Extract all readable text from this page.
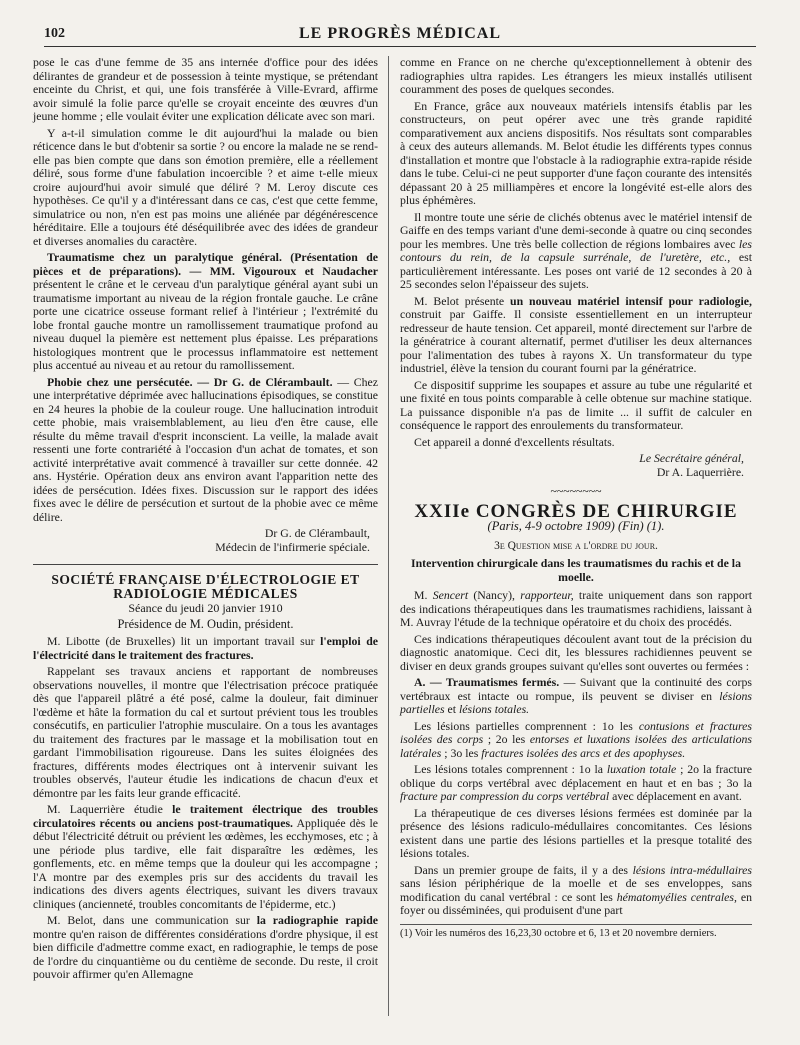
102	LE PROGRÈS MÉDICAL

pose le cas d'une femme de 35 ans internée d'office pour des idées délirantes de grandeur et de possession à teinte mystique, se prétendant enceinte du Christ, et qui, une fois transférée à Ville-Evrard, affirme avoir simulé la folie parce qu'elle se croyait enceinte des œuvres d'un jeune homme ; elle voulait éviter une explication délicate avec son mari.

Y a-t-il simulation comme le dit aujourd'hui la malade ou bien réticence dans le but d'obtenir sa sortie ? ou encore la malade ne se rend-elle pas bien compte que dans son émotion première, elle a réellement déliré, sous forme d'une fabulation incoercible ? et aime t-elle mieux croire aujourd'hui avoir simulé que déliré ? M. Leroy discute ces hypothèses. Ce qu'il y a d'intéressant dans ce cas, c'est que cette femme, simulatrice ou non, n'en est pas moins une aliénée par dégénérescence héréditaire. Elle a toujours été déséquilibrée avec des idées de grandeur et diverses anomalies du caractère.

Traumatisme chez un paralytique général. (Présentation de pièces et de préparations). — MM. Vigouroux et Naudacher présentent le crâne et le cerveau d'un paralytique général ayant subi un traumatisme important au niveau de la région frontale gauche. Le crâne porte une cicatrice osseuse formant relief à l'intérieur ; l'extrémité du lobe frontal gauche montre un ramollissement traumatique profond au niveau duquel la piemère est nettement plus épaisse. Les préparations histologiques montrent que le processus inflammatoire est nettement plus accentué au niveau et au retour du ramollissement.

Phobie chez une persécutée. — Dr G. de Clérambault. — Chez une interprétative déprimée avec hallucinations épisodiques, se constitue en 24 heures la phobie de la couleur rouge. Une hallucination introduit cette phobie, mais vraisemblablement, au lieu d'en être cause, elle résulte du même travail d'esprit inconscient. La veille, la malade avait ressenti une forte contrariété à l'occasion d'un achat de tomates, et son activité interprétative avait commencé à travailler sur cette donnée. 42 ans. Hystérie. Opération deux ans environ avant l'apparition nette des idées de persécution. Idées fixes. Discussion sur le rapport des idées fixes avec le délire de persécution et surtout de la phobie avec ce même délire.

Dr G. de Clérambault,
Médecin de l'infirmerie spéciale.
SOCIÉTÉ FRANÇAISE D'ÉLECTROLOGIE ET RADIOLOGIE MÉDICALES
Séance du jeudi 20 janvier 1910
Présidence de M. Oudin, président.

M. Libotte (de Bruxelles) lit un important travail sur l'emploi de l'électricité dans le traitement des fractures.

Rappelant ses travaux anciens et rapportant de nombreuses observations nouvelles, il montre que l'électrisation précoce pratiquée dès que l'appareil plâtré a été posé, calme la douleur, fait diminuer l'œdème et hâte la formation du cal et surtout prévient tous les troubles consécutifs, en particulier l'atrophie musculaire. On a tous les avantages du traitement des fractures par le massage et la mobilisation tout en gardant l'immobilisation rigoureuse. Dans les suites éloignées des fractures, différents modes électriques ont à intervenir suivant les troubles observés, l'auteur étudie les indications de chacun d'eux et démontre par les faits leur grande efficacité.

M. Laquerrière étudie le traitement électrique des troubles circulatoires récents ou anciens post-traumatiques. Appliquée dès le début l'électricité détruit ou prévient les œdèmes, les ecchymoses, etc ; à une période plus tardive, elle fait disparaître les œdèmes, les gonflements, etc. en même temps que la douleur qui les accompagne ; l'A montre par des exemples pris sur des accidents du travail les indications des divers agents électriques, suivant les divers travaux cliniques (ancienneté, troubles concomitants de l'épiderme, etc.)

M. Belot, dans une communication sur la radiographie rapide montre qu'en raison de différentes considérations d'ordre physique, il est bien difficile d'admettre comme exact, en radiographie, le temps de pose de l'ordre du cinquantième ou du centième de seconde. Du reste, il croit pouvoir affirmer qu'en Allemagne

comme en France on ne cherche qu'exceptionnellement à obtenir des radiographies ultra rapides. Les étrangers les mieux installés utilisent couramment des poses de quelques secondes.

En France, grâce aux nouveaux matériels intensifs établis par les constructeurs, on peut opérer avec une très grande rapidité comparativement aux anciens dispositifs. Nos résultats sont comparables à ceux des auteurs allemands. M. Belot étudie les différents types connus d'installation et montre que l'obstacle à la radiographie extra-rapide réside dans le tube. Celui-ci ne peut supporter d'une façon courante des intensités dépassant 20 à 25 milliampères et encore la longévité est-elle alors des plus éphémères.

Il montre toute une série de clichés obtenus avec le matériel intensif de Gaiffe en des temps variant d'une demi-seconde à quatre ou cinq secondes pour les membres. Une très belle collection de régions lombaires avec les contours du rein, de la capsule surrénale, de l'uretère, etc., est particulièrement intéressante. Les poses ont varié de 12 secondes à 20 à 25 secondes selon l'épaisseur des sujets.

M. Belot présente un nouveau matériel intensif pour radiologie, construit par Gaiffe. Il consiste essentiellement en un interrupteur redresseur de haute tension. Cet appareil, monté directement sur l'arbre de la génératrice à courant alternatif, permet d'utiliser les deux alternances pour l'alimentation des tubes à rayons X. Un transformateur du type industriel, élève la tension du courant fourni par la génératrice.

Ce dispositif supprime les soupapes et assure au tube une régularité et une fixité en tous points comparable à celle obtenue sur machine statique. La puissance disponible n'a pas de limite ... il suffit de calculer en conséquence le rapport des enroulements du transformateur.

Cet appareil a donné d'excellents résultats.

Le Secrétaire général,
Dr A. Laquerrière.
~~~~~~~~
XXIIe CONGRÈS DE CHIRURGIE
(Paris, 4-9 octobre 1909) (Fin) (1).
3e Question mise a l'ordre du jour.
Intervention chirurgicale dans les traumatismes du rachis et de la moelle.

M. Sencert (Nancy), rapporteur, traite uniquement dans son rapport des indications thérapeutiques dans les traumatismes rachidiens, laissant à M. Auvray l'étude de la technique opératoire et du choix des procédés.

Ces indications thérapeutiques découlent avant tout de la précision du diagnostic anatomique. Ceci dit, les blessures rachidiennes peuvent se diviser en deux grands groupes suivant qu'elles sont ouvertes ou fermées :

A. — Traumatismes fermés. — Suivant que la continuité des corps vertébraux est intacte ou rompue, ils peuvent se diviser en lésions partielles et lésions totales.

Les lésions partielles comprennent : 1o les contusions et fractures isolées des corps ; 2o les entorses et luxations isolées des articulations latérales ; 3o les fractures isolées des arcs et des apophyses.

Les lésions totales comprennent : 1o la luxation totale ; 2o la fracture oblique du corps vertébral avec déplacement en haut et en bas ; 3o la fracture par compression du corps vertébral avec déplacement en avant.

La thérapeutique de ces diverses lésions fermées est dominée par la présence des lésions radiculo-médullaires concomitantes. Ces lésions existent dans une partie des lésions partielles et la presque totalité des lésions totales.

Dans un premier groupe de faits, il y a des lésions intra-médullaires sans lésion périphérique de la moelle et de ses enveloppes, sans modification du canal vertébral : ce sont les hématomyélies centrales, en foyer ou disséminées, qui produisent d'une part

(1) Voir les numéros des 16,23,30 octobre et 6, 13 et 20 novembre derniers.
